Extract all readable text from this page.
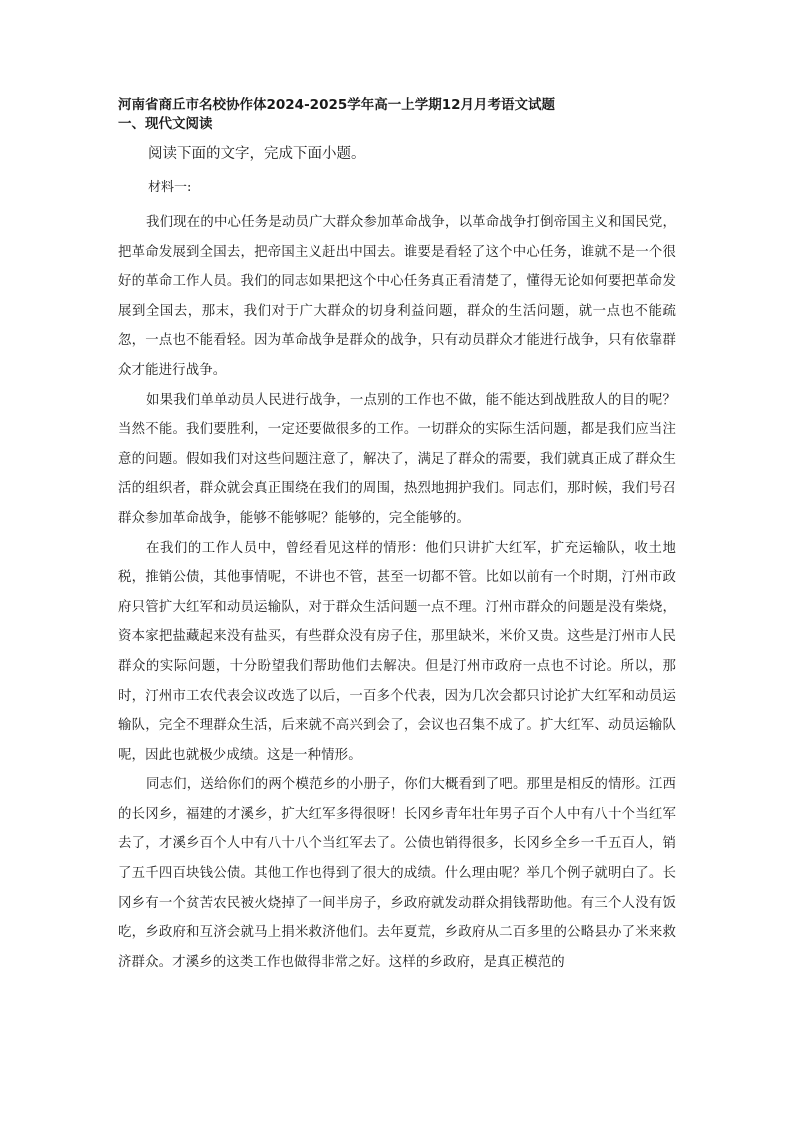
河南省商丘市名校协作体2024-2025学年高一上学期12月月考语文试题
一、现代文阅读

阅读下面的文字，完成下面小题。

材料一:

我们现在的中心任务是动员广大群众参加革命战争，以革命战争打倒帝国主义和国民党，把革命发展到全国去，把帝国主义赶出中国去。谁要是看轻了这个中心任务，谁就不是一个很好的革命工作人员。我们的同志如果把这个中心任务真正看清楚了，懂得无论如何要把革命发展到全国去，那末，我们对于广大群众的切身利益问题，群众的生活问题，就一点也不能疏忽，一点也不能看轻。因为革命战争是群众的战争，只有动员群众才能进行战争，只有依靠群众才能进行战争。

如果我们单单动员人民进行战争，一点别的工作也不做，能不能达到战胜敌人的目的呢？当然不能。我们要胜利，一定还要做很多的工作。一切群众的实际生活问题，都是我们应当注意的问题。假如我们对这些问题注意了，解决了，满足了群众的需要，我们就真正成了群众生活的组织者，群众就会真正围绕在我们的周围，热烈地拥护我们。同志们，那时候，我们号召群众参加革命战争，能够不能够呢？能够的，完全能够的。

在我们的工作人员中，曾经看见这样的情形：他们只讲扩大红军，扩充运输队，收土地税，推销公债，其他事情呢，不讲也不管，甚至一切都不管。比如以前有一个时期，汀州市政府只管扩大红军和动员运输队，对于群众生活问题一点不理。汀州市群众的问题是没有柴烧，资本家把盐藏起来没有盐买，有些群众没有房子住，那里缺米，米价又贵。这些是汀州市人民群众的实际问题，十分盼望我们帮助他们去解决。但是汀州市政府一点也不讨论。所以，那时，汀州市工农代表会议改选了以后，一百多个代表，因为几次会都只讨论扩大红军和动员运输队，完全不理群众生活，后来就不高兴到会了，会议也召集不成了。扩大红军、动员运输队呢，因此也就极少成绩。这是一种情形。

同志们，送给你们的两个模范乡的小册子，你们大概看到了吧。那里是相反的情形。江西的长冈乡，福建的才溪乡，扩大红军多得很呀！长冈乡青年壮年男子百个人中有八十个当红军去了，才溪乡百个人中有八十八个当红军去了。公债也销得很多，长冈乡全乡一千五百人，销了五千四百块钱公债。其他工作也得到了很大的成绩。什么理由呢？举几个例子就明白了。长冈乡有一个贫苦农民被火烧掉了一间半房子，乡政府就发动群众捐钱帮助他。有三个人没有饭吃，乡政府和互济会就马上捐米救济他们。去年夏荒，乡政府从二百多里的公略县办了米来救济群众。才溪乡的这类工作也做得非常之好。这样的乡政府，是真正模范的
